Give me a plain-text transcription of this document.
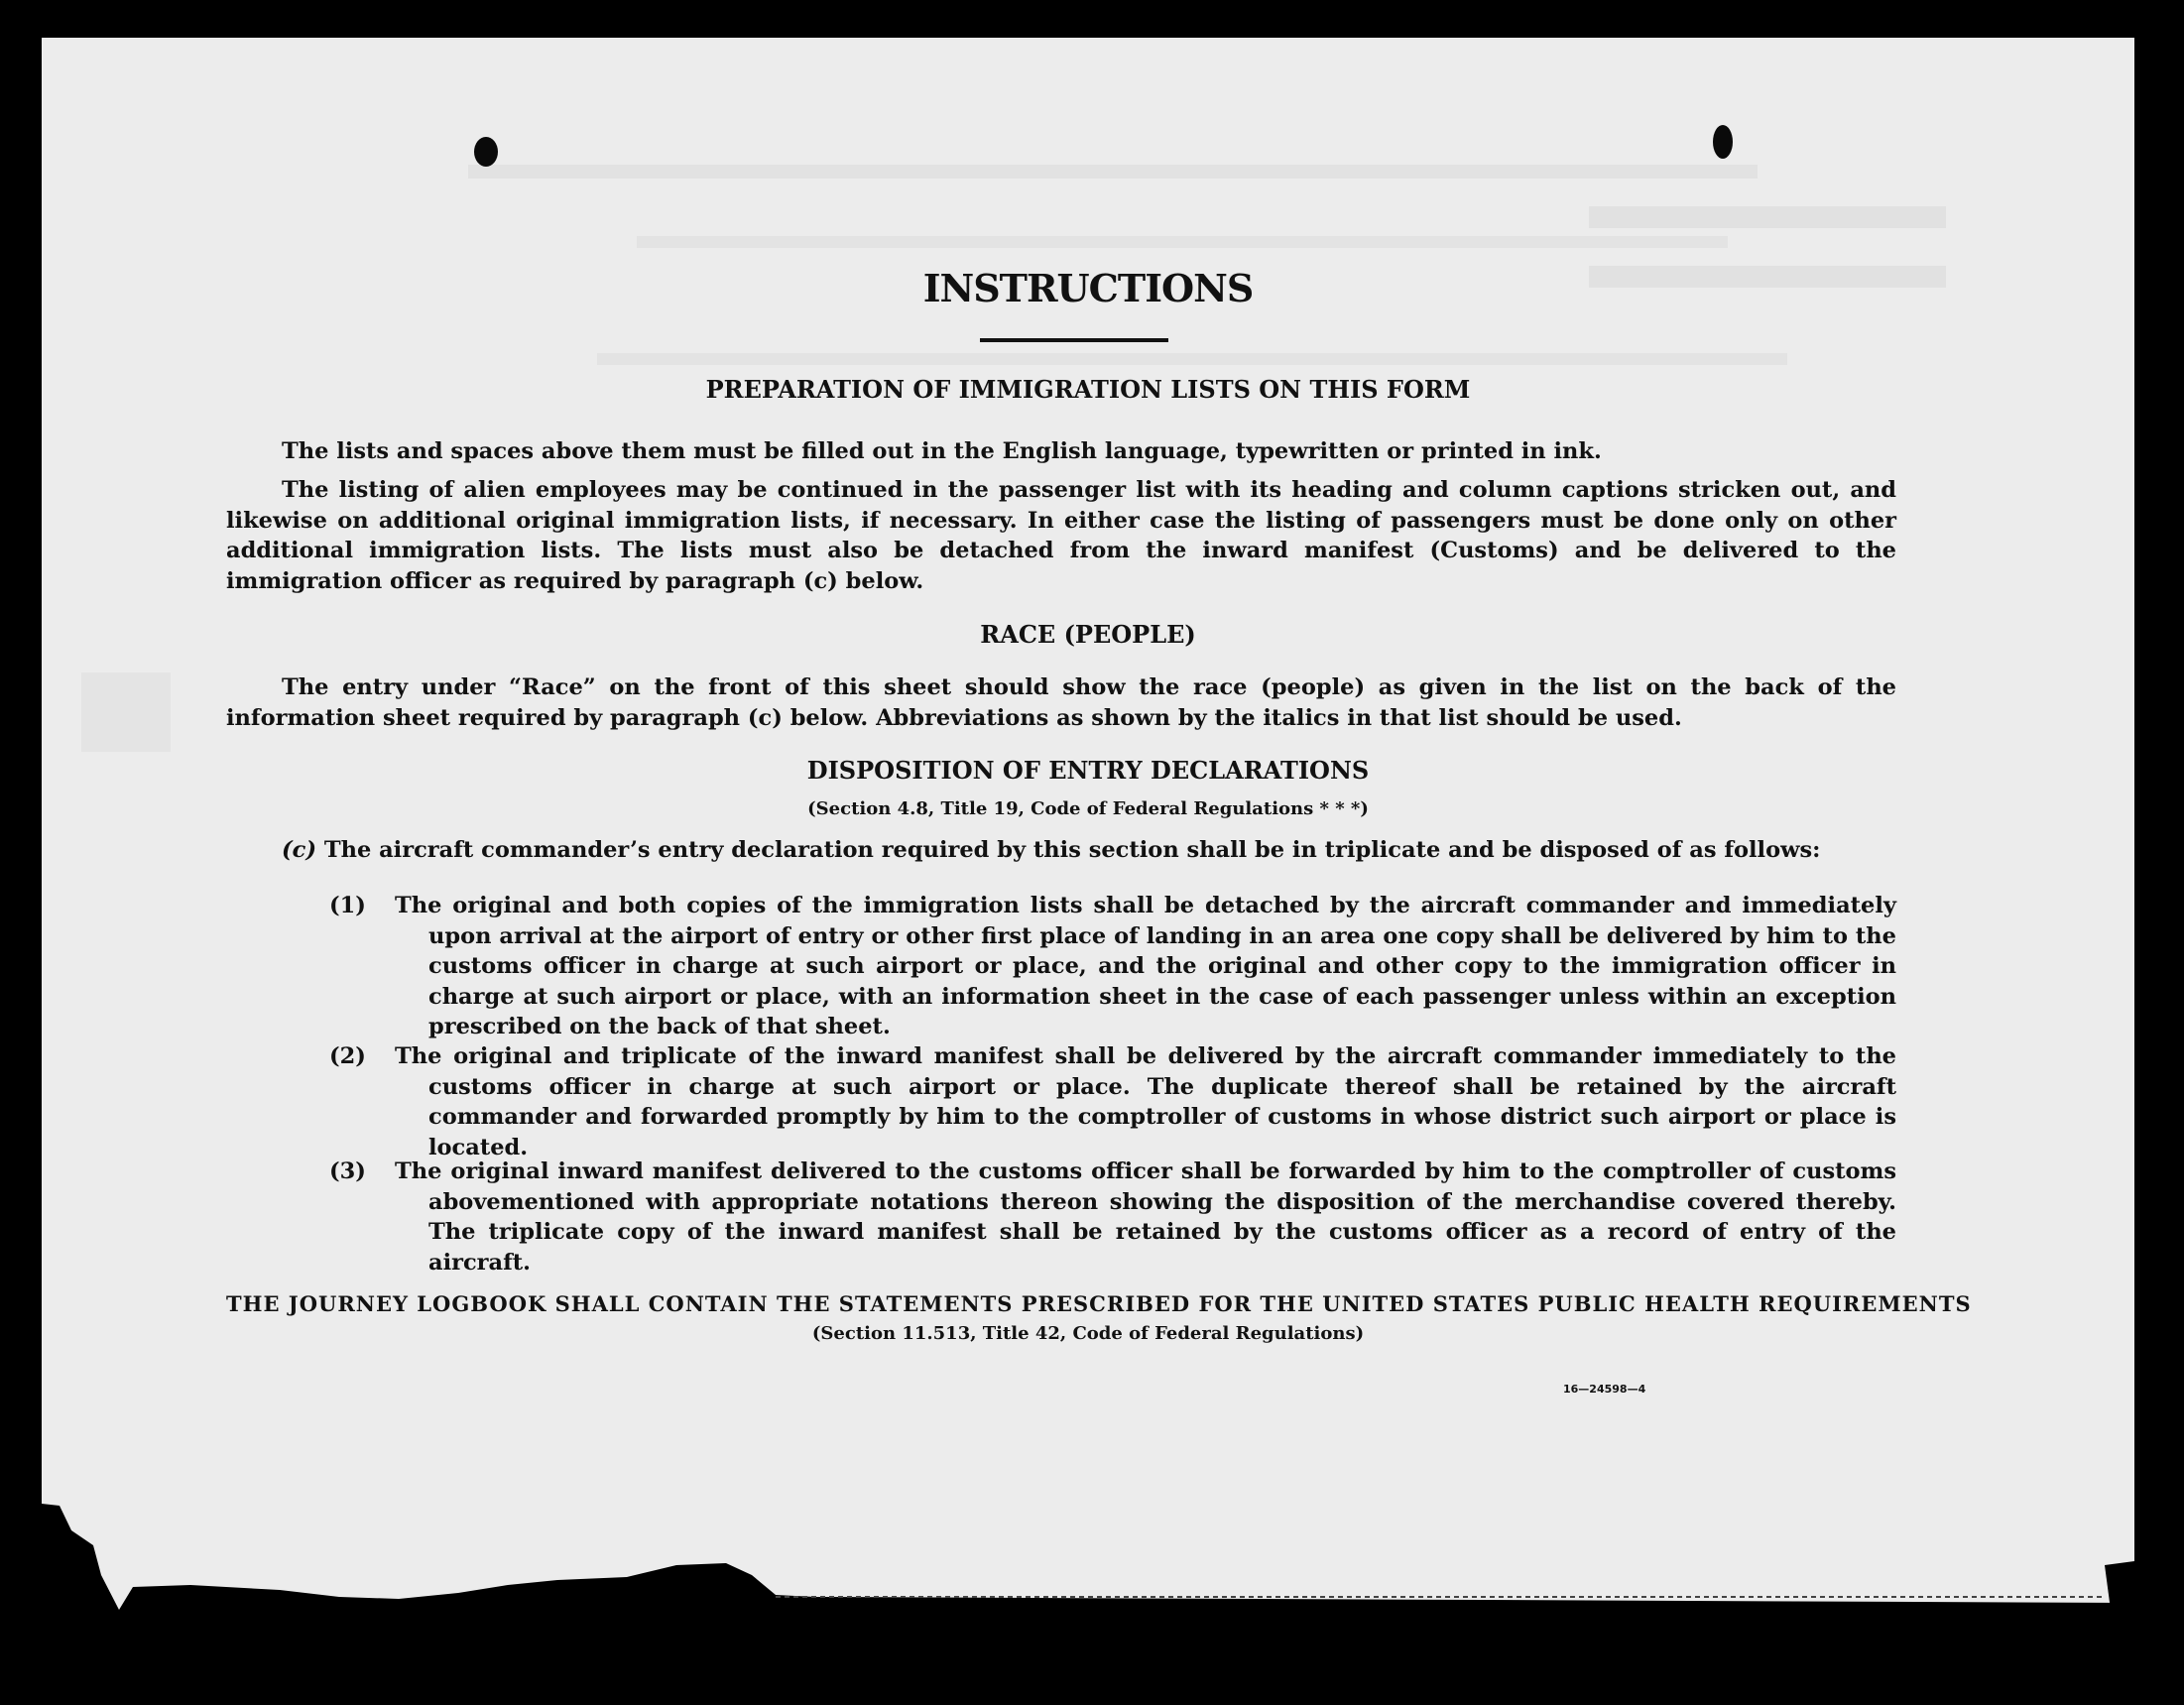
INSTRUCTIONS
PREPARATION OF IMMIGRATION LISTS ON THIS FORM
The lists and spaces above them must be filled out in the English language, typewritten or printed in ink.
The listing of alien employees may be continued in the passenger list with its heading and column captions stricken out, and likewise on additional original immigration lists, if necessary. In either case the listing of passengers must be done only on other additional immigration lists. The lists must also be detached from the inward manifest (Customs) and be delivered to the immigration officer as required by paragraph (c) below.
RACE (PEOPLE)
The entry under “Race” on the front of this sheet should show the race (people) as given in the list on the back of the information sheet required by paragraph (c) below. Abbreviations as shown by the italics in that list should be used.
DISPOSITION OF ENTRY DECLARATIONS
(Section 4.8, Title 19, Code of Federal Regulations * * *)
(c) The aircraft commander’s entry declaration required by this section shall be in triplicate and be disposed of as follows:
(1) The original and both copies of the immigration lists shall be detached by the aircraft commander and immediately upon arrival at the airport of entry or other first place of landing in an area one copy shall be delivered by him to the customs officer in charge at such airport or place, and the original and other copy to the immigration officer in charge at such airport or place, with an information sheet in the case of each passenger unless within an exception prescribed on the back of that sheet.
(2) The original and triplicate of the inward manifest shall be delivered by the aircraft commander immediately to the customs officer in charge at such airport or place. The duplicate thereof shall be retained by the aircraft commander and forwarded promptly by him to the comptroller of customs in whose district such airport or place is located.
(3) The original inward manifest delivered to the customs officer shall be forwarded by him to the comptroller of customs abovementioned with appropriate notations thereon showing the disposition of the merchandise covered thereby. The triplicate copy of the inward manifest shall be retained by the customs officer as a record of entry of the aircraft.
THE JOURNEY LOGBOOK SHALL CONTAIN THE STATEMENTS PRESCRIBED FOR THE UNITED STATES PUBLIC HEALTH REQUIREMENTS
(Section 11.513, Title 42, Code of Federal Regulations)
16—24598—4
